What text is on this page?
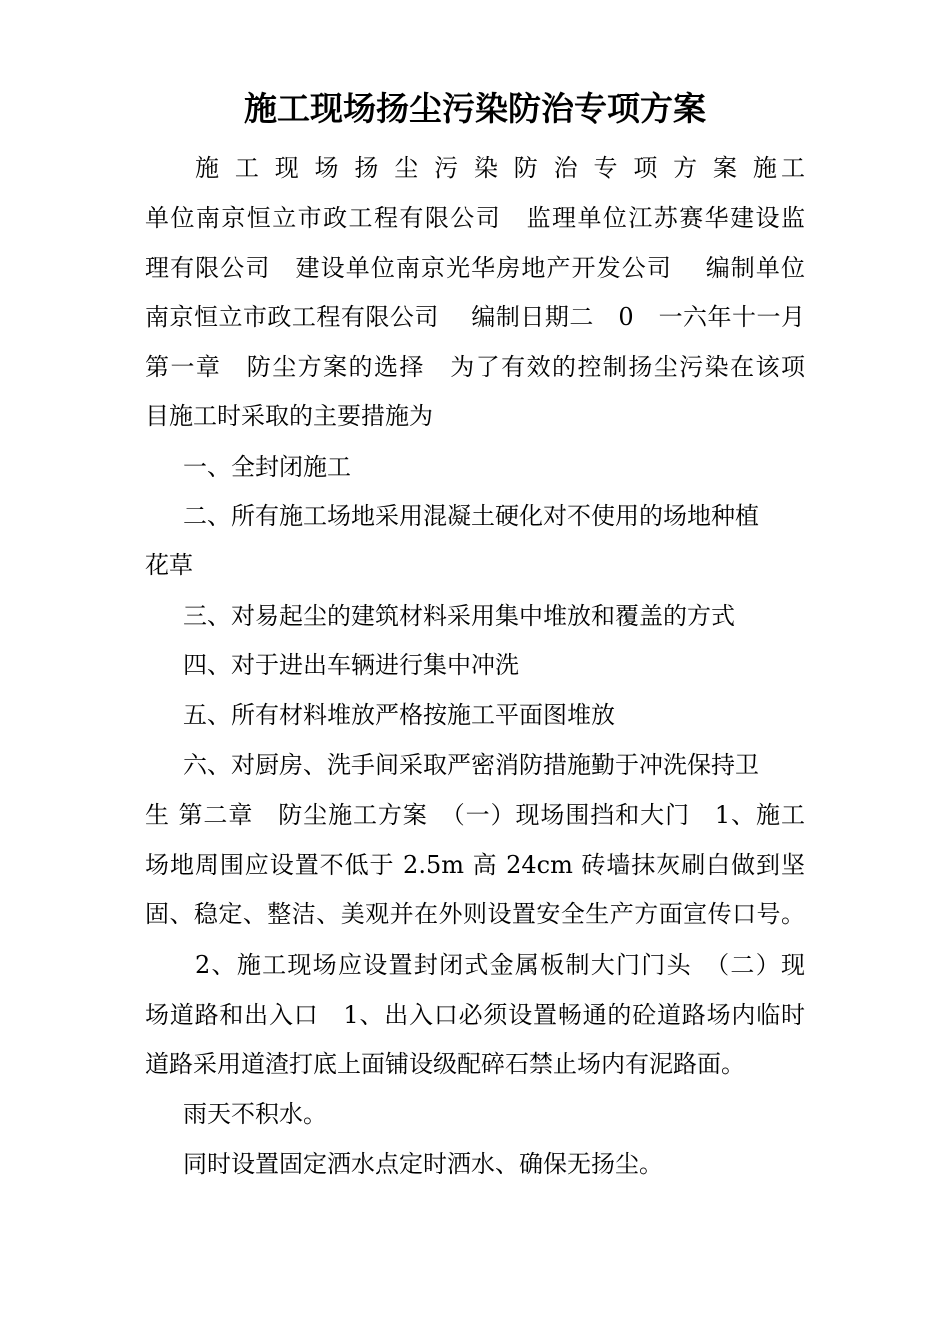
施工现场扬尘污染防治专项方案
施 工 现 场 扬 尘 污 染 防 治 专 项 方 案 施工
单位南京恒立市政工程有限公司　监理单位江苏赛华建设监
理有限公司　建设单位南京光华房地产开发公司　 编制单位
南京恒立市政工程有限公司　 编制日期二　0　一六年十一月
第一章　防尘方案的选择　为了有效的控制扬尘污染在该项
目施工时采取的主要措施为
一、全封闭施工
二、所有施工场地采用混凝土硬化对不使用的场地种植
花草
三、对易起尘的建筑材料采用集中堆放和覆盖的方式
四、对于进出车辆进行集中冲洗
五、所有材料堆放严格按施工平面图堆放
六、对厨房、洗手间采取严密消防措施勤于冲洗保持卫
生 第二章　防尘施工方案　（一）现场围挡和大门　1、施工
场地周围应设置不低于 2.5m 高 24cm 砖墙抹灰刷白做到坚
固、稳定、整洁、美观并在外则设置安全生产方面宣传口号。
2、施工现场应设置封闭式金属板制大门门头　（二）现
场道路和出入口　1、出入口必须设置畅通的砼道路场内临时
道路采用道渣打底上面铺设级配碎石禁止场内有泥路面。
雨天不积水。
同时设置固定洒水点定时洒水、确保无扬尘。
